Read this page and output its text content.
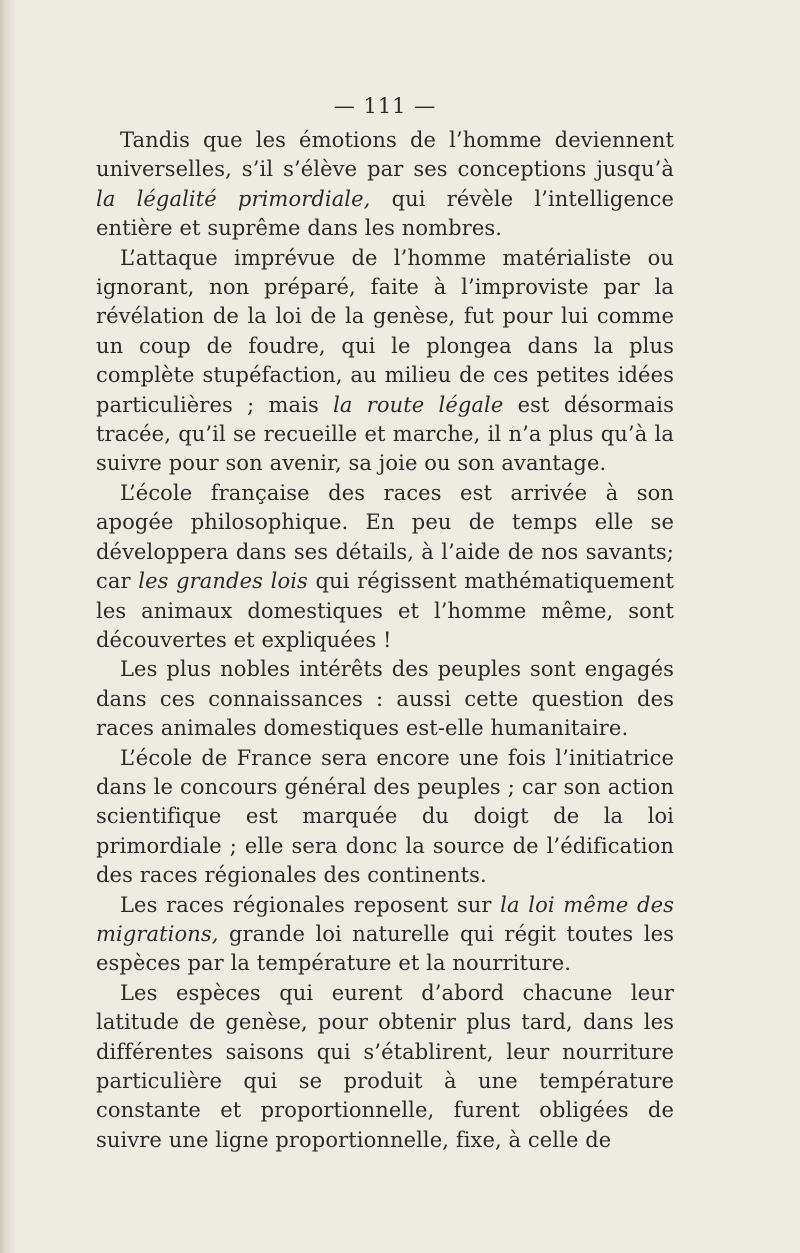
— 111 —

Tandis que les émotions de l’homme deviennent universelles, s’il s’élève par ses conceptions jusqu’à la légalité primordiale, qui révèle l’intelligence entière et suprême dans les nombres.

L’attaque imprévue de l’homme matérialiste ou ignorant, non préparé, faite à l’improviste par la révélation de la loi de la genèse, fut pour lui comme un coup de foudre, qui le plongea dans la plus complète stupéfaction, au milieu de ces petites idées particulières ; mais la route légale est désormais tracée, qu’il se recueille et marche, il n’a plus qu’à la suivre pour son avenir, sa joie ou son avantage.

L’école française des races est arrivée à son apogée philosophique. En peu de temps elle se développera dans ses détails, à l’aide de nos savants; car les grandes lois qui régissent mathématiquement les animaux domestiques et l’homme même, sont découvertes et expliquées !

Les plus nobles intérêts des peuples sont engagés dans ces connaissances : aussi cette question des races animales domestiques est-elle humanitaire.

L’école de France sera encore une fois l’initiatrice dans le concours général des peuples ; car son action scientifique est marquée du doigt de la loi primordiale ; elle sera donc la source de l’édification des races régionales des continents.

Les races régionales reposent sur la loi même des migrations, grande loi naturelle qui régit toutes les espèces par la température et la nourriture.

Les espèces qui eurent d’abord chacune leur latitude de genèse, pour obtenir plus tard, dans les différentes saisons qui s’établirent, leur nourriture particulière qui se produit à une température constante et proportionnelle, furent obligées de suivre une ligne proportionnelle, fixe, à celle de
